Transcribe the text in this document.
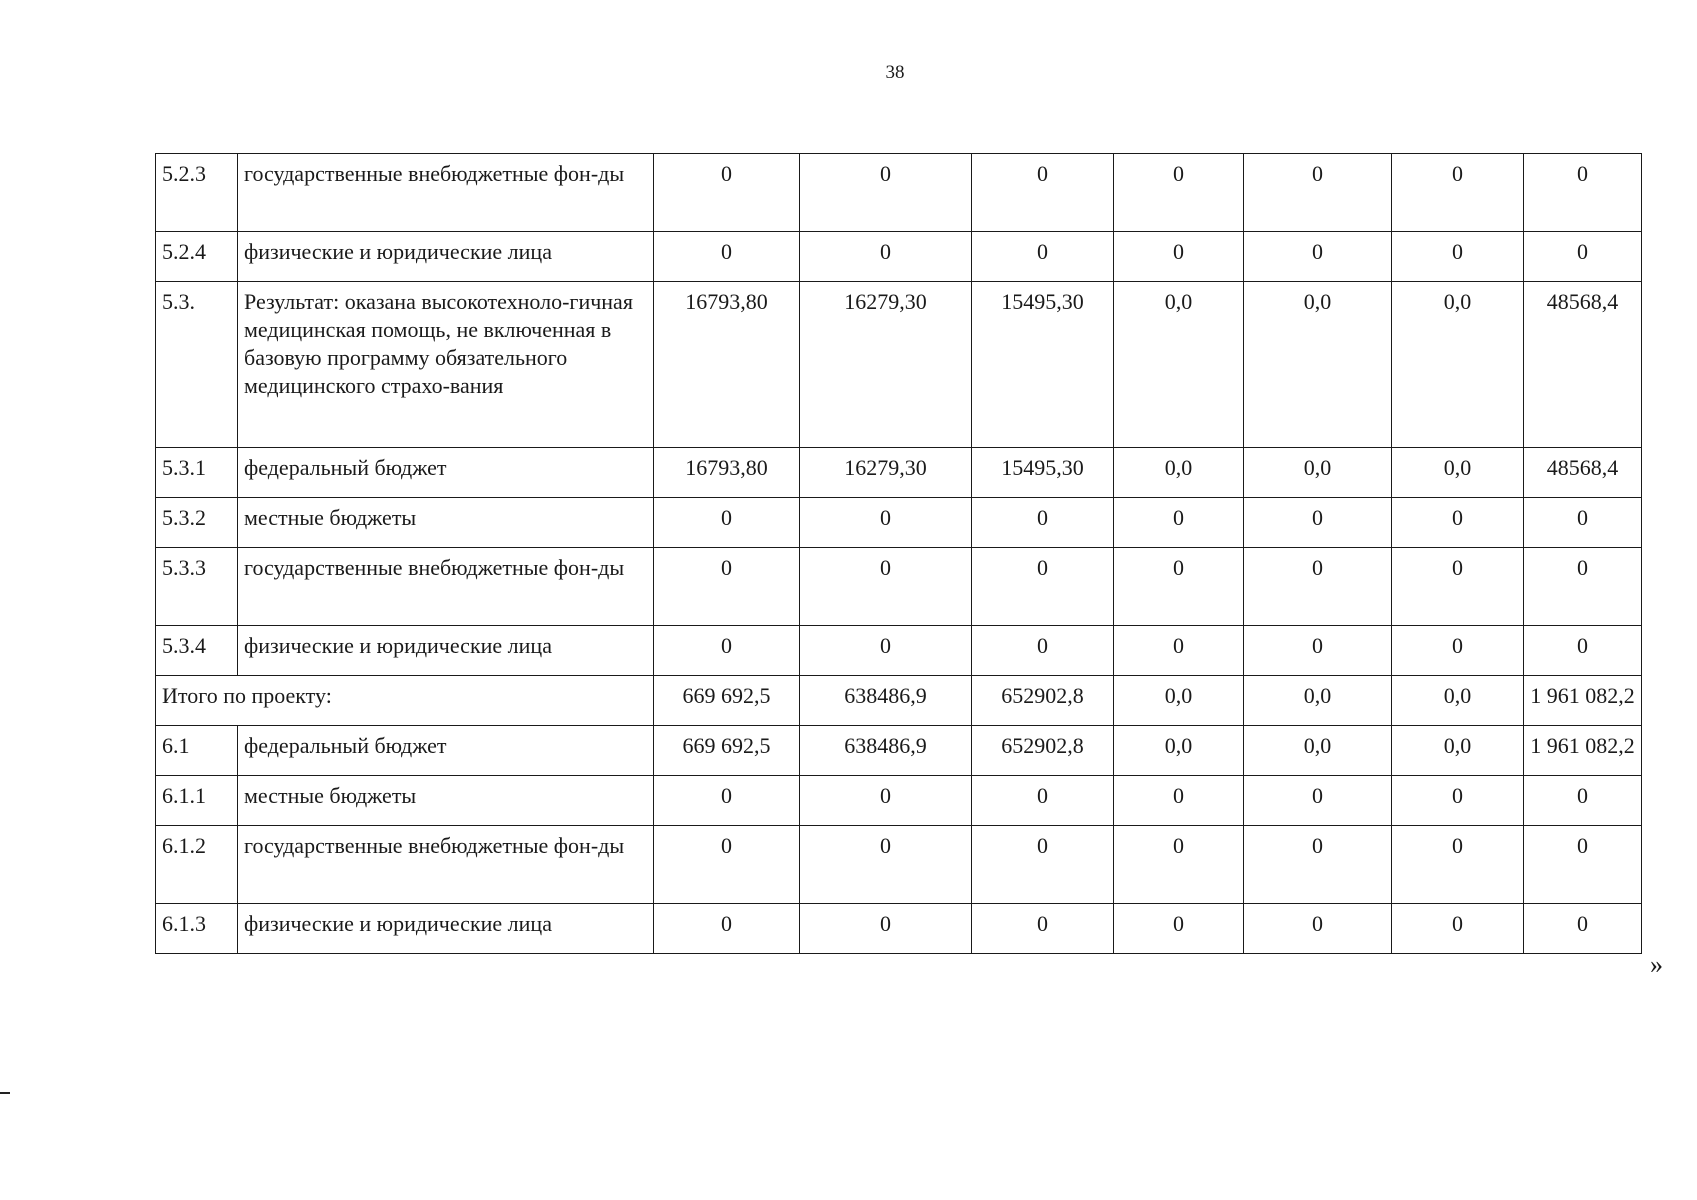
38
5.2.3	государственные внебюджетные фон-ды	0	0	0	0	0	0	0
5.2.4	физические и юридические лица	0	0	0	0	0	0	0
5.3.	Результат: оказана высокотехноло-гичная медицинская помощь, не включенная в базовую программу обязательного медицинского страхо-вания	16793,80	16279,30	15495,30	0,0	0,0	0,0	48568,4
5.3.1	федеральный бюджет	16793,80	16279,30	15495,30	0,0	0,0	0,0	48568,4
5.3.2	местные бюджеты	0	0	0	0	0	0	0
5.3.3	государственные внебюджетные фон-ды	0	0	0	0	0	0	0
5.3.4	физические и юридические лица	0	0	0	0	0	0	0
Итого по проекту:		669 692,5	638486,9	652902,8	0,0	0,0	0,0	1 961 082,2
6.1	федеральный бюджет	669 692,5	638486,9	652902,8	0,0	0,0	0,0	1 961 082,2
6.1.1	местные бюджеты	0	0	0	0	0	0	0
6.1.2	государственные внебюджетные фон-ды	0	0	0	0	0	0	0
6.1.3	физические и юридические лица	0	0	0	0	0	0	0
»
